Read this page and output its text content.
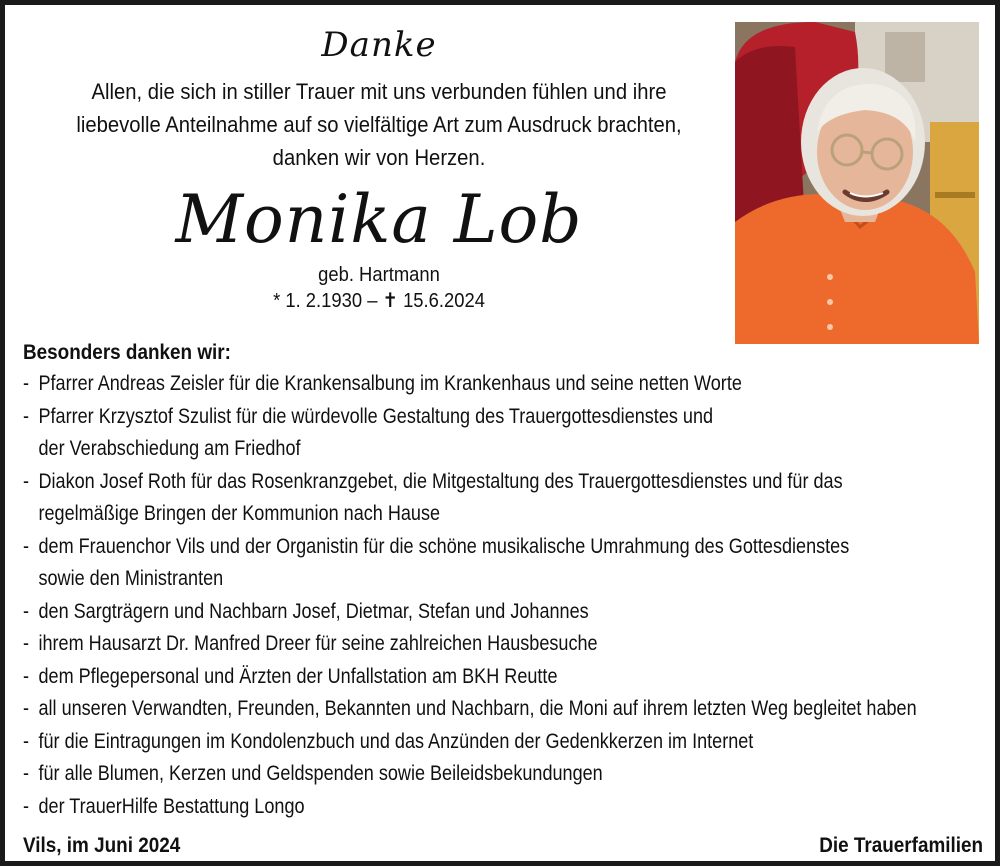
Danke

Allen, die sich in stiller Trauer mit uns verbunden fühlen und ihre
liebevolle Anteilnahme auf so vielfältige Art zum Ausdruck brachten,
danken wir von Herzen.

Monika Lob

geb. Hartmann

* 1. 2.1930 – ✝ 15.6.2024

Besonders danken wir:

- Pfarrer Andreas Zeisler für die Krankensalbung im Krankenhaus und seine netten Worte
- Pfarrer Krzysztof Szulist für die würdevolle Gestaltung des Trauergottesdienstes und
der Verabschiedung am Friedhof
- Diakon Josef Roth für das Rosenkranzgebet, die Mitgestaltung des Trauergottesdienstes und für das
regelmäßige Bringen der Kommunion nach Hause
- dem Frauenchor Vils und der Organistin für die schöne musikalische Umrahmung des Gottesdienstes
sowie den Ministranten
- den Sargträgern und Nachbarn Josef, Dietmar, Stefan und Johannes
- ihrem Hausarzt Dr. Manfred Dreer für seine zahlreichen Hausbesuche
- dem Pflegepersonal und Ärzten der Unfallstation am BKH Reutte
- all unseren Verwandten, Freunden, Bekannten und Nachbarn, die Moni auf ihrem letzten Weg begleitet haben
- für die Eintragungen im Kondolenzbuch und das Anzünden der Gedenkkerzen im Internet
- für alle Blumen, Kerzen und Geldspenden sowie Beileidsbekundungen
- der TrauerHilfe Bestattung Longo
Vils, im Juni 2024	Die Trauerfamilien
